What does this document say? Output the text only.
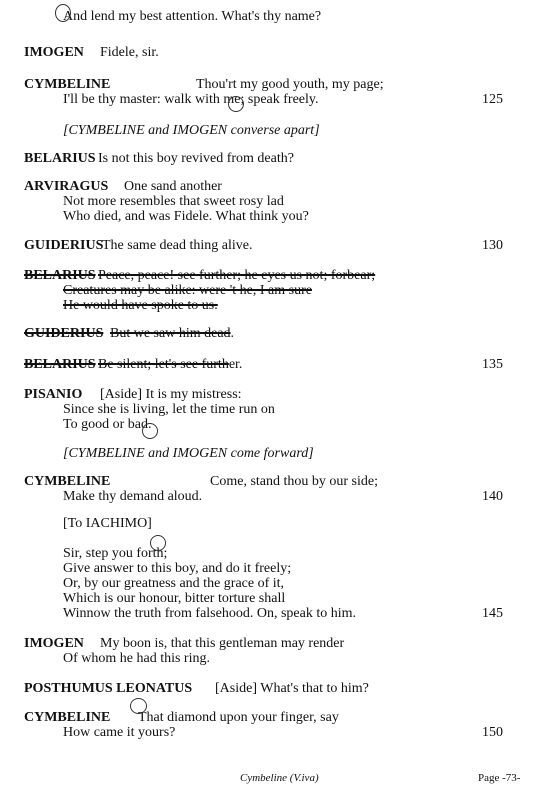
And lend my best attention. What's thy name?
IMOGEN Fidele, sir.
CYMBELINE	Thou'rt my good youth, my page;
I'll be thy master: walk with me; speak freely.	125
[CYMBELINE and IMOGEN converse apart]
BELARIUS Is not this boy revived from death?
ARVIRAGUS One sand another
Not more resembles that sweet rosy lad
Who died, and was Fidele. What think you?
GUIDERIUS
The same dead thing alive.	130
BELARIUS Peace, peace! see further; he eyes us not; forbear;
Creatures may be alike: were 't he, I am sure
He would have spoke to us.
GUIDERIUS But we saw him dead.
BELARIUS Be silent; let's see further.	135
PISANIO [Aside] It is my mistress:
Since she is living, let the time run on
To good or bad.
[CYMBELINE and IMOGEN come forward]
CYMBELINE	Come, stand thou by our side;
Make thy demand aloud.	140
[To IACHIMO]
Sir, step you forth;
Give answer to this boy, and do it freely;
Or, by our greatness and the grace of it,
Which is our honour, bitter torture shall
Winnow the truth from falsehood. On, speak to him.	145
IMOGEN My boon is, that this gentleman may render
Of whom he had this ring.
POSTHUMUS LEONATUS [Aside] What's that to him?
CYMBELINE That diamond upon your finger, say
How came it yours?	150
Cymbeline (V.iva)	Page -73-
